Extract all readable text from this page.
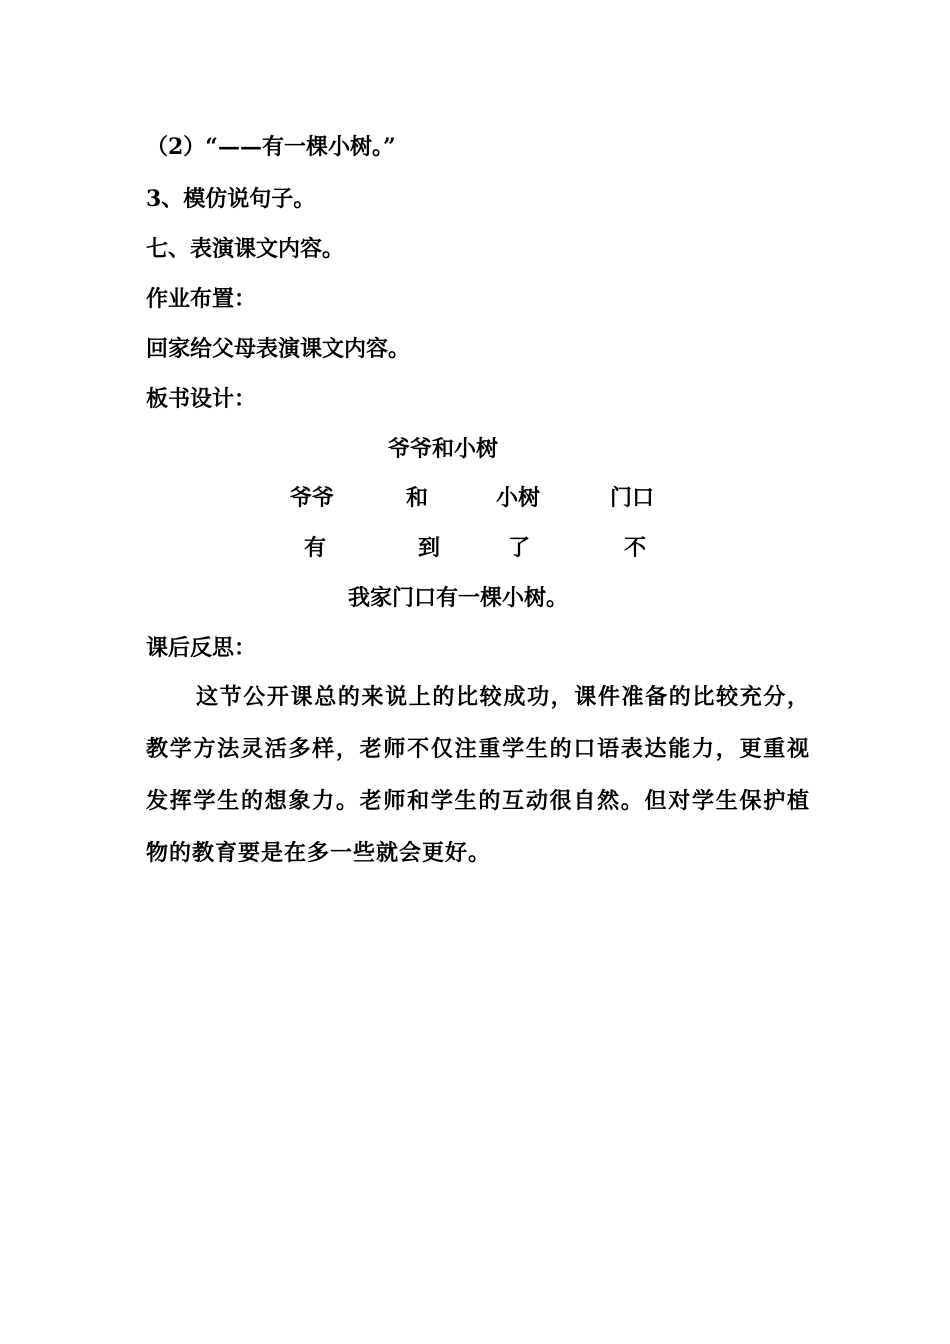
（2）“——有一棵小树。”
3、模仿说句子。
七、表演课文内容。
作业布置：
回家给父母表演课文内容。
板书设计：
爷爷和小树
爷爷	和	小树	门口
有	到	了	不
我家门口有一棵小树。
课后反思：
这节公开课总的来说上的比较成功，课件准备的比较充分，教学方法灵活多样，老师不仅注重学生的口语表达能力，更重视发挥学生的想象力。老师和学生的互动很自然。但对学生保护植物的教育要是在多一些就会更好。
